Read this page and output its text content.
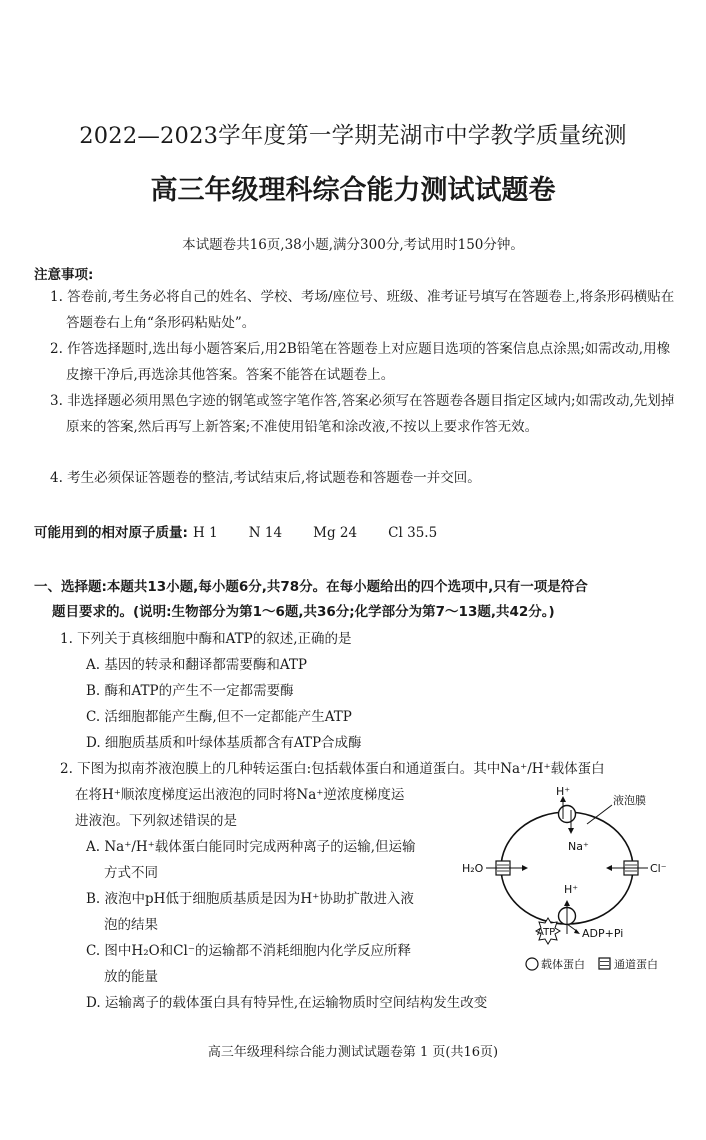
2022—2023学年度第一学期芜湖市中学教学质量统测
高三年级理科综合能力测试试题卷
本试题卷共16页,38小题,满分300分,考试用时150分钟。
注意事项:
1. 答卷前,考生务必将自己的姓名、学校、考场/座位号、班级、准考证号填写在答题卷上,将条形码横贴在答题卷右上角“条形码粘贴处”。
2. 作答选择题时,选出每小题答案后,用2B铅笔在答题卷上对应题目选项的答案信息点涂黑;如需改动,用橡皮擦干净后,再选涂其他答案。答案不能答在试题卷上。
3. 非选择题必须用黑色字迹的钢笔或签字笔作答,答案必须写在答题卷各题目指定区域内;如需改动,先划掉原来的答案,然后再写上新答案;不准使用铅笔和涂改液,不按以上要求作答无效。
4. 考生必须保证答题卷的整洁,考试结束后,将试题卷和答题卷一并交回。
可能用到的相对原子质量: H 1 N 14 Mg 24 Cl 35.5
一、选择题:本题共13小题,每小题6分,共78分。在每小题给出的四个选项中,只有一项是符合
题目要求的。(说明:生物部分为第1～6题,共36分;化学部分为第7～13题,共42分。)
1. 下列关于真核细胞中酶和ATP的叙述,正确的是
A. 基因的转录和翻译都需要酶和ATP
B. 酶和ATP的产生不一定都需要酶
C. 活细胞都能产生酶,但不一定都能产生ATP
D. 细胞质基质和叶绿体基质都含有ATP合成酶
2. 下图为拟南芥液泡膜上的几种转运蛋白:包括载体蛋白和通道蛋白。其中Na⁺/H⁺载体蛋白
在将H⁺顺浓度梯度运出液泡的同时将Na⁺逆浓度梯度运
进液泡。下列叙述错误的是
A. Na⁺/H⁺载体蛋白能同时完成两种离子的运输,但运输
方式不同
B. 液泡中pH低于细胞质基质是因为H⁺协助扩散进入液
泡的结果
C. 图中H₂O和Cl⁻的运输都不消耗细胞内化学反应所释
放的能量
D. 运输离子的载体蛋白具有特异性,在运输物质时空间结构发生改变
液泡膜
H⁺
Na⁺
H₂O	Cl⁻
H⁺
ATP ADP+Pi
载体蛋白	通道蛋白
高三年级理科综合能力测试试题卷第 1 页(共16页)
